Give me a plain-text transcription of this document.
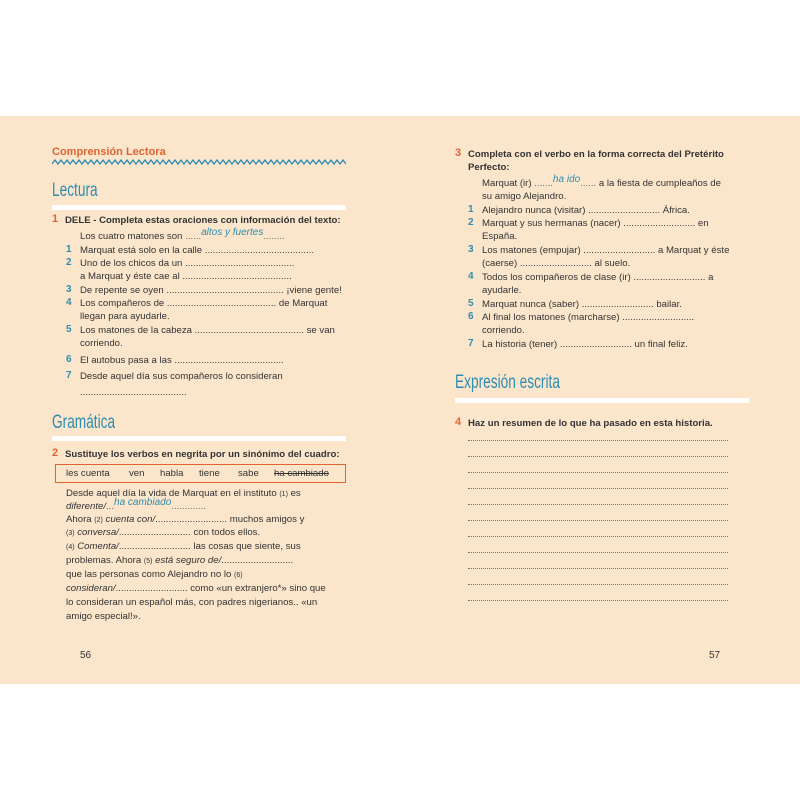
Comprensión Lectora
Lectura
1 DELE - Completa estas oraciones con información del texto:
Los cuatro matones son ......altos y fuertes........
1 Marquat está solo en la calle .........................................
2 Uno de los chicos da un .........................................
a Marquat y éste cae al .........................................
3 De repente se oyen ............................................ ¡viene gente!
4 Los compañeros de ......................................... de Marquat
llegan para ayudarle.
5 Los matones de la cabeza ......................................... se van
corriendo.
6 El autobus pasa a las .........................................
7 Desde aquel día sus compañeros lo consideran
........................................
Gramática
2 Sustituye los verbos en negrita por un sinónimo del cuadro:
les cuenta ven habla tiene sabe ha cambiado
Desde aquel día la vida de Marquat en el instituto (1) es
diferente/...ha cambiado.............
Ahora (2) cuenta con/........................... muchos amigos y
(3) conversa/........................... con todos ellos.
(4) Comenta/........................... las cosas que siente, sus
problemas. Ahora (5) está seguro de/...........................
que las personas como Alejandro no lo (6)
consideran/........................... como «un extranjero*» sino que
lo consideran un español más, con padres nigerianos.. «un
amigo especial!».
56
3 Completa con el verbo en la forma correcta del Pretérito
Perfecto:
Marquat (ir) .......ha ido...... a la fiesta de cumpleaños de
su amigo Alejandro.
1 Alejandro nunca (visitar) ........................... África.
2 Marquat y sus hermanas (nacer) ........................... en
España.
3 Los matones (empujar) ........................... a Marquat y éste
(caerse) ........................... al suelo.
4 Todos los compañeros de clase (ir) ........................... a
ayudarle.
5 Marquat nunca (saber) ........................... bailar.
6 Al final los matones (marcharse) ...........................
corriendo.
7 La historia (tener) ........................... un final feliz.
Expresión escrita
4 Haz un resumen de lo que ha pasado en esta historia.
57
